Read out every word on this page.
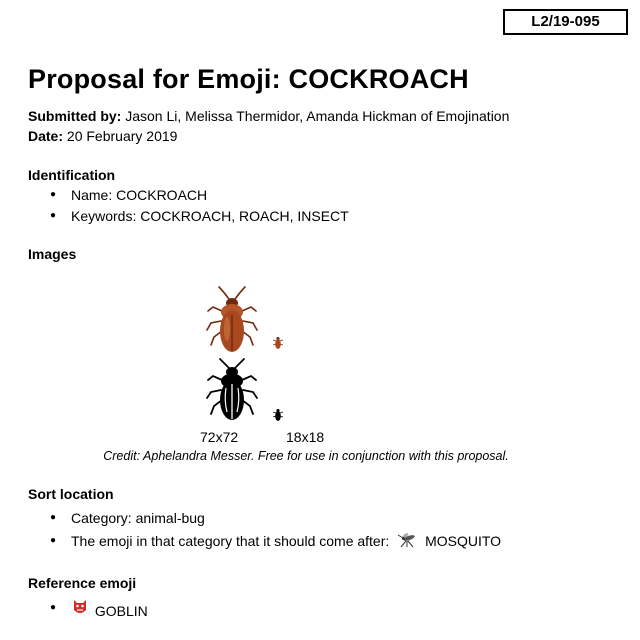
L2/19-095
Proposal for Emoji: COCKROACH
Submitted by: Jason Li, Melissa Thermidor, Amanda Hickman of Emojination
Date: 20 February 2019
Identification
● Name: COCKROACH
● Keywords: COCKROACH, ROACH, INSECT
Images
72x72	18x18
Credit: Aphelandra Messer. Free for use in conjunction with this proposal.
Sort location
● Category: animal-bug
● The emoji in that category that it should come after:	MOSQUITO
Reference emoji
● GOBLIN
